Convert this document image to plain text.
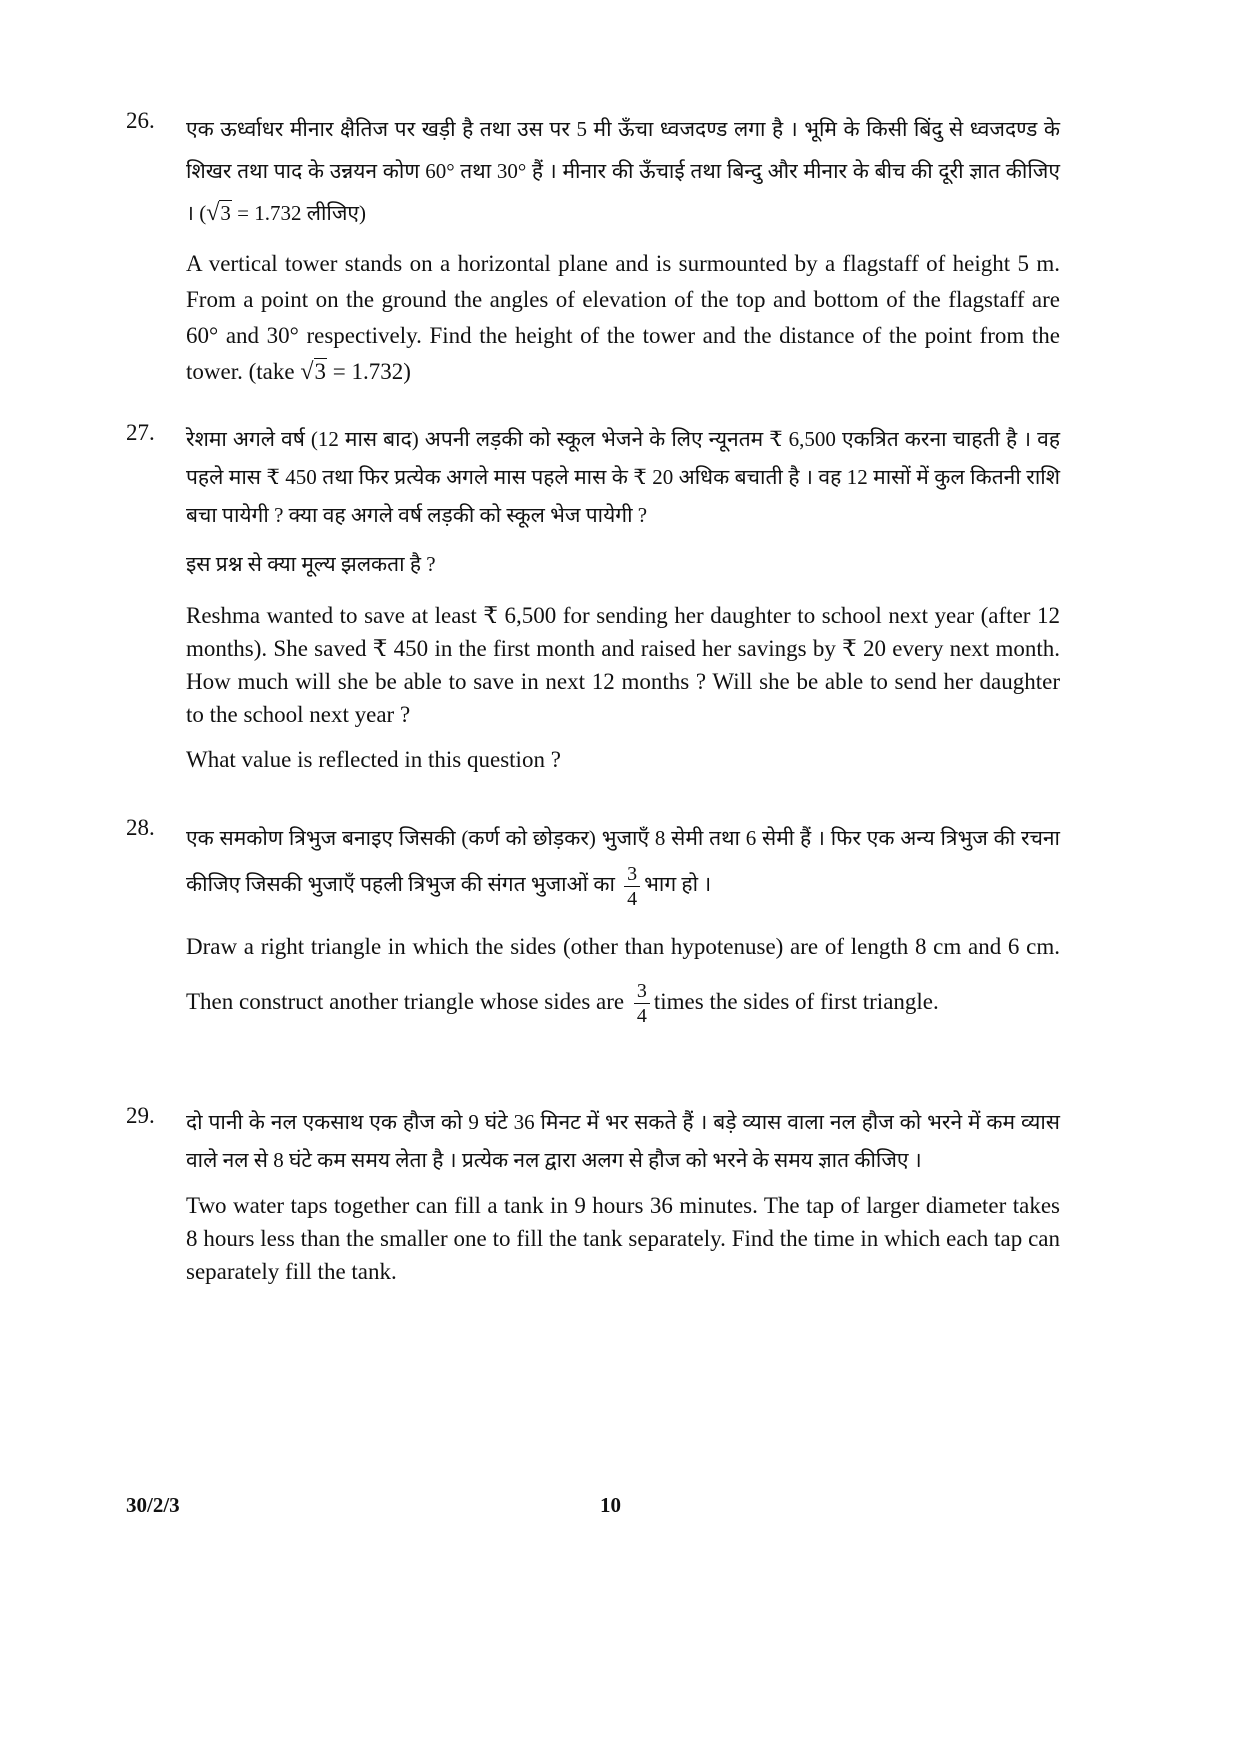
26. एक ऊर्ध्वाधर मीनार क्षैतिज पर खड़ी है तथा उस पर 5 मी ऊँचा ध्वजदण्ड लगा है । भूमि के किसी बिंदु से ध्वजदण्ड के शिखर तथा पाद के उन्नयन कोण 60° तथा 30° हैं । मीनार की ऊँचाई तथा बिन्दु और मीनार के बीच की दूरी ज्ञात कीजिए । (√3 = 1.732 लीजिए)

A vertical tower stands on a horizontal plane and is surmounted by a flagstaff of height 5 m. From a point on the ground the angles of elevation of the top and bottom of the flagstaff are 60° and 30° respectively. Find the height of the tower and the distance of the point from the tower. (take √3 = 1.732)

27. रेशमा अगले वर्ष (12 मास बाद) अपनी लड़की को स्कूल भेजने के लिए न्यूनतम ₹ 6,500 एकत्रित करना चाहती है । वह पहले मास ₹ 450 तथा फिर प्रत्येक अगले मास पहले मास के ₹ 20 अधिक बचाती है । वह 12 मासों में कुल कितनी राशि बचा पायेगी ? क्या वह अगले वर्ष लड़की को स्कूल भेज पायेगी ?

इस प्रश्न से क्या मूल्य झलकता है ?

Reshma wanted to save at least ₹ 6,500 for sending her daughter to school next year (after 12 months). She saved ₹ 450 in the first month and raised her savings by ₹ 20 every next month. How much will she be able to save in next 12 months ? Will she be able to send her daughter to the school next year ?

What value is reflected in this question ?

28. एक समकोण त्रिभुज बनाइए जिसकी (कर्ण को छोड़कर) भुजाएँ 8 सेमी तथा 6 सेमी हैं । फिर एक अन्य त्रिभुज की रचना कीजिए जिसकी भुजाएँ पहली त्रिभुज की संगत भुजाओं का $\frac{3}{4}$ भाग हो ।

Draw a right triangle in which the sides (other than hypotenuse) are of length 8 cm and 6 cm. Then construct another triangle whose sides are $\frac{3}{4}$ times the sides of first triangle.

29. दो पानी के नल एकसाथ एक हौज को 9 घंटे 36 मिनट में भर सकते हैं । बड़े व्यास वाला नल हौज को भरने में कम व्यास वाले नल से 8 घंटे कम समय लेता है । प्रत्येक नल द्वारा अलग से हौज को भरने के समय ज्ञात कीजिए ।

Two water taps together can fill a tank in 9 hours 36 minutes. The tap of larger diameter takes 8 hours less than the smaller one to fill the tank separately. Find the time in which each tap can separately fill the tank.

30/2/3	10
